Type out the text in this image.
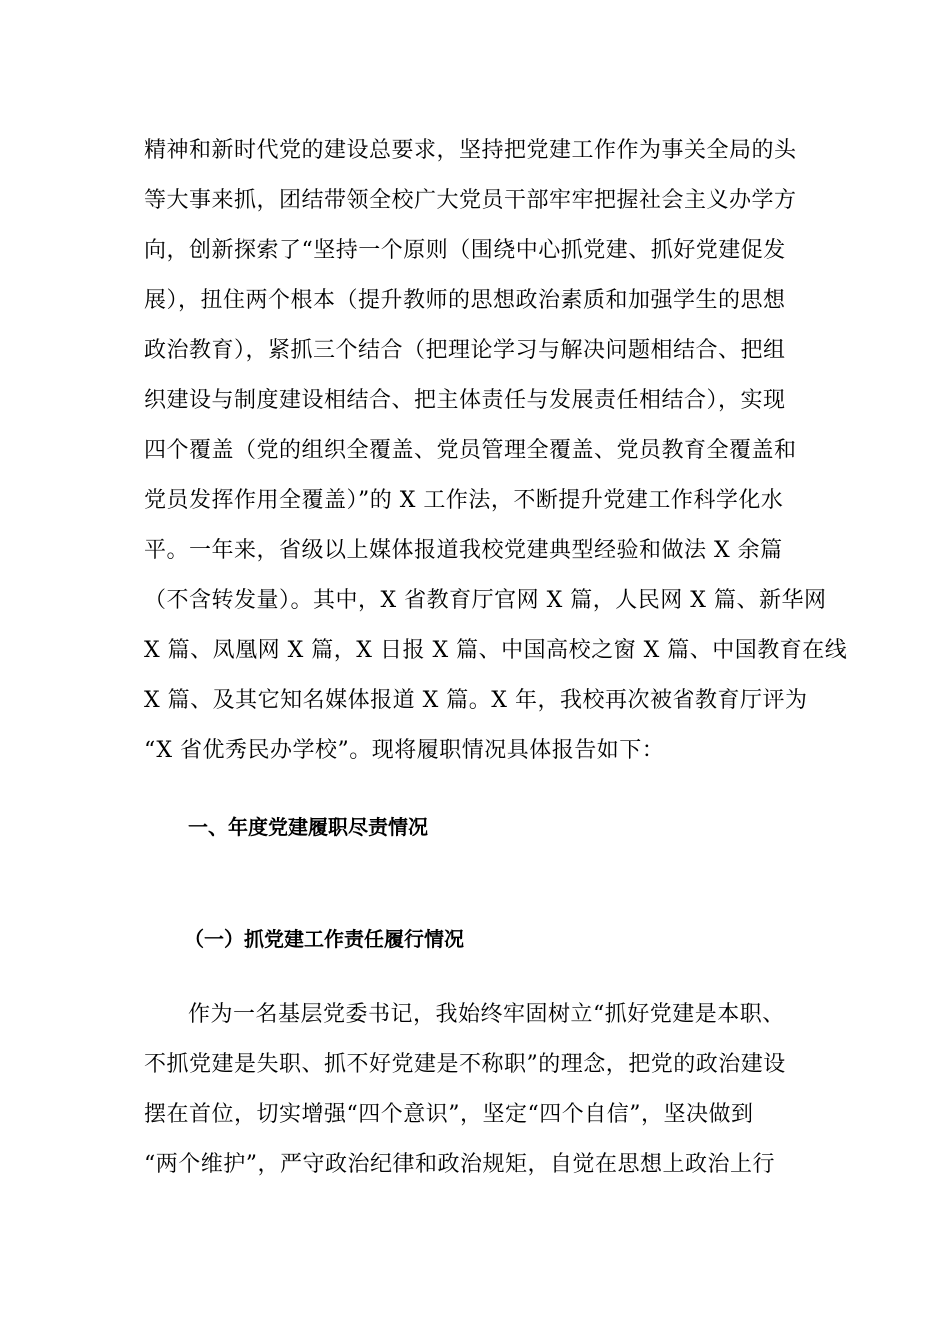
精神和新时代党的建设总要求，坚持把党建工作作为事关全局的头
等大事来抓，团结带领全校广大党员干部牢牢把握社会主义办学方
向，创新探索了“坚持一个原则（围绕中心抓党建、抓好党建促发
展），扭住两个根本（提升教师的思想政治素质和加强学生的思想
政治教育），紧抓三个结合（把理论学习与解决问题相结合、把组
织建设与制度建设相结合、把主体责任与发展责任相结合），实现
四个覆盖（党的组织全覆盖、党员管理全覆盖、党员教育全覆盖和
党员发挥作用全覆盖）”的 X 工作法，不断提升党建工作科学化水
平。一年来，省级以上媒体报道我校党建典型经验和做法 X 余篇
（不含转发量）。其中，X 省教育厅官网 X 篇，人民网 X 篇、新华网
X 篇、凤凰网 X 篇，X 日报 X 篇、中国高校之窗 X 篇、中国教育在线
X 篇、及其它知名媒体报道 X 篇。X 年，我校再次被省教育厅评为
“X 省优秀民办学校”。现将履职情况具体报告如下：
一、年度党建履职尽责情况
（一）抓党建工作责任履行情况
作为一名基层党委书记，我始终牢固树立“抓好党建是本职、
不抓党建是失职、抓不好党建是不称职”的理念，把党的政治建设
摆在首位，切实增强“四个意识”，坚定“四个自信”，坚决做到
“两个维护”，严守政治纪律和政治规矩，自觉在思想上政治上行
